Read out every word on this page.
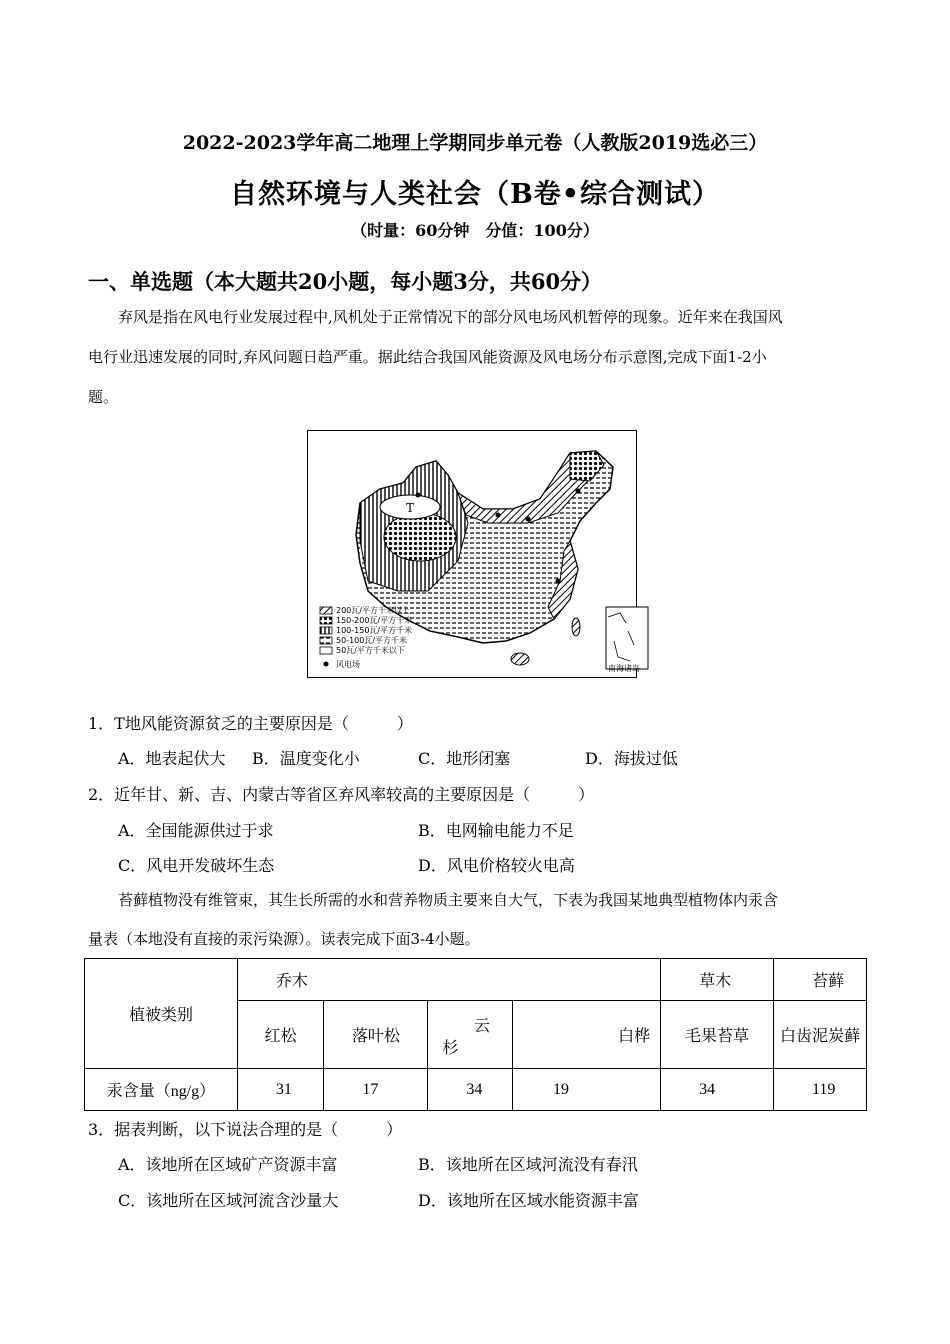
2022-2023学年高二地理上学期同步单元卷（人教版2019选必三）
自然环境与人类社会（B卷•综合测试）
（时量：60分钟　分值：100分）
一、单选题（本大题共20小题，每小题3分，共60分）
弃风是指在风电行业发展过程中,风机处于正常情况下的部分风电场风机暂停的现象。近年来在我国风
电行业迅速发展的同时,弃风问题日趋严重。据此结合我国风能资源及风电场分布示意图,完成下面1-2小
题。
T
200瓦/平方千米以上
150-200瓦/平方千米
100-150瓦/平方千米
50-100瓦/平方千米
50瓦/平方千米以下
风电场	南海诸岛
1．T地风能资源贫乏的主要原因是（　　　）
A．地表起伏大 B．温度变化小	C．地形闭塞	D．海拔过低
2．近年甘、新、吉、内蒙古等省区弃风率较高的主要原因是（　　　）
A．全国能源供过于求	B．电网输电能力不足
C．风电开发破坏生态	D．风电价格较火电高
苔藓植物没有维管束，其生长所需的水和营养物质主要来自大气，下表为我国某地典型植物体内汞含
量表（本地没有直接的汞污染源）。读表完成下面3-4小题。
植被类别	乔木				草木	苔藓
	红松	落叶松	云
杉	白桦	毛果苔草	白齿泥炭藓
汞含量（ng/g）	31	17	34	19	34	119
3．据表判断，以下说法合理的是（　　　）
A．该地所在区域矿产资源丰富	B．该地所在区域河流没有春汛
C．该地所在区域河流含沙量大	D．该地所在区域水能资源丰富
